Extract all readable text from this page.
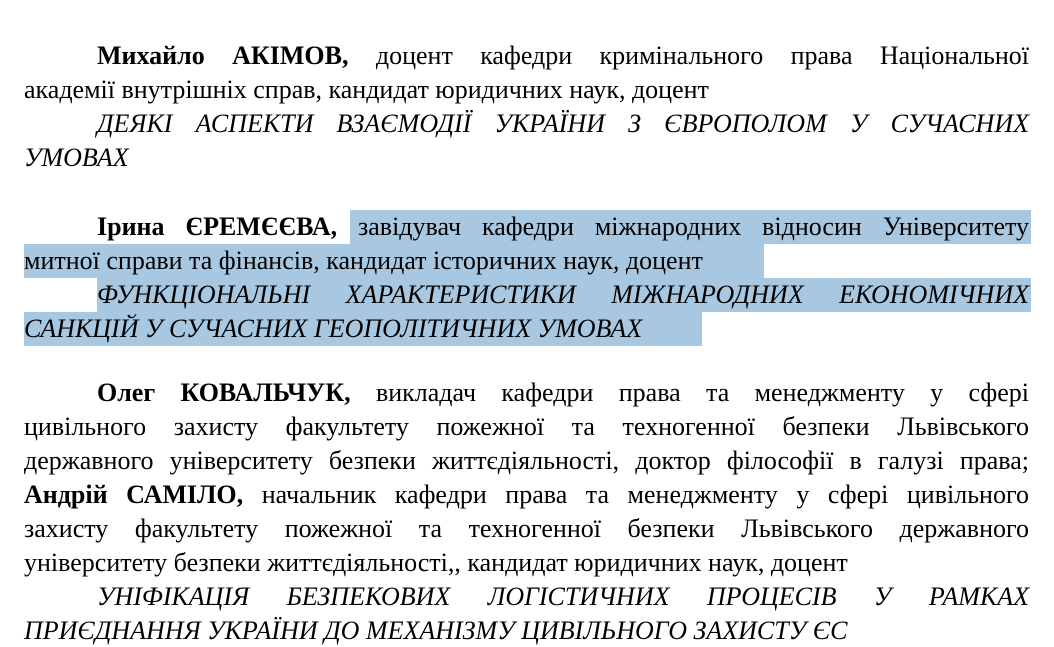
Михайло АКІМОВ, доцент кафедри кримінального права Національної
академії внутрішніх справ, кандидат юридичних наук, доцент
ДЕЯКІ АСПЕКТИ ВЗАЄМОДІЇ УКРАЇНИ З ЄВРОПОЛОМ У СУЧАСНИХ
УМОВАХ
Ірина ЄРЕМЄЄВА, завідувач кафедри міжнародних відносин Університету
митної справи та фінансів, кандидат історичних наук, доцент
ФУНКЦІОНАЛЬНІ ХАРАКТЕРИСТИКИ МІЖНАРОДНИХ ЕКОНОМІЧНИХ
САНКЦІЙ У СУЧАСНИХ ГЕОПОЛІТИЧНИХ УМОВАХ
Олег КОВАЛЬЧУК, викладач кафедри права та менеджменту у сфері
цивільного захисту факультету пожежної та техногенної безпеки Львівського
державного університету безпеки життєдіяльності, доктор філософії в галузі права;
Андрій САМІЛО, начальник кафедри права та менеджменту у сфері цивільного
захисту факультету пожежної та техногенної безпеки Львівського державного
університету безпеки життєдіяльності,, кандидат юридичних наук, доцент
УНІФІКАЦІЯ БЕЗПЕКОВИХ ЛОГІСТИЧНИХ ПРОЦЕСІВ У РАМКАХ
ПРИЄДНАННЯ УКРАЇНИ ДО МЕХАНІЗМУ ЦИВІЛЬНОГО ЗАХИСТУ ЄС
